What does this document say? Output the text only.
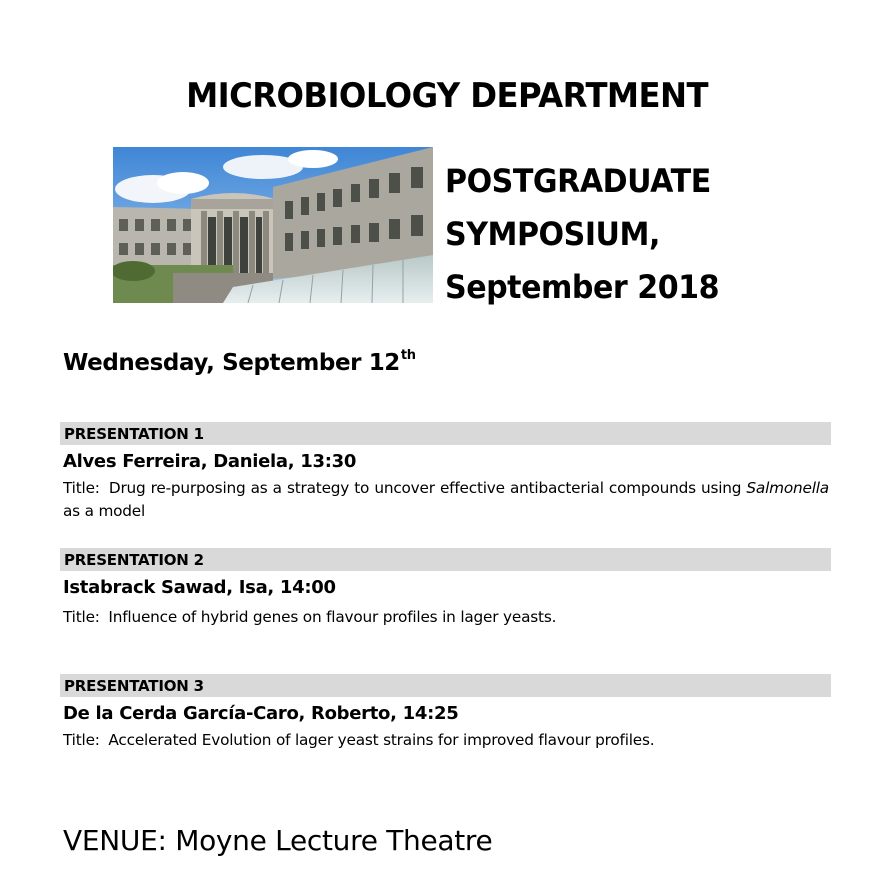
MICROBIOLOGY DEPARTMENT
POSTGRADUATE
SYMPOSIUM,
September 2018
Wednesday, September 12th
PRESENTATION 1
Alves Ferreira, Daniela, 13:30
Title: Drug re-purposing as a strategy to uncover effective antibacterial compounds using Salmonella as a model
PRESENTATION 2
Istabrack Sawad, Isa, 14:00
Title: Influence of hybrid genes on flavour profiles in lager yeasts.
PRESENTATION 3
De la Cerda García-Caro, Roberto, 14:25
Title: Accelerated Evolution of lager yeast strains for improved flavour profiles.
VENUE: Moyne Lecture Theatre
